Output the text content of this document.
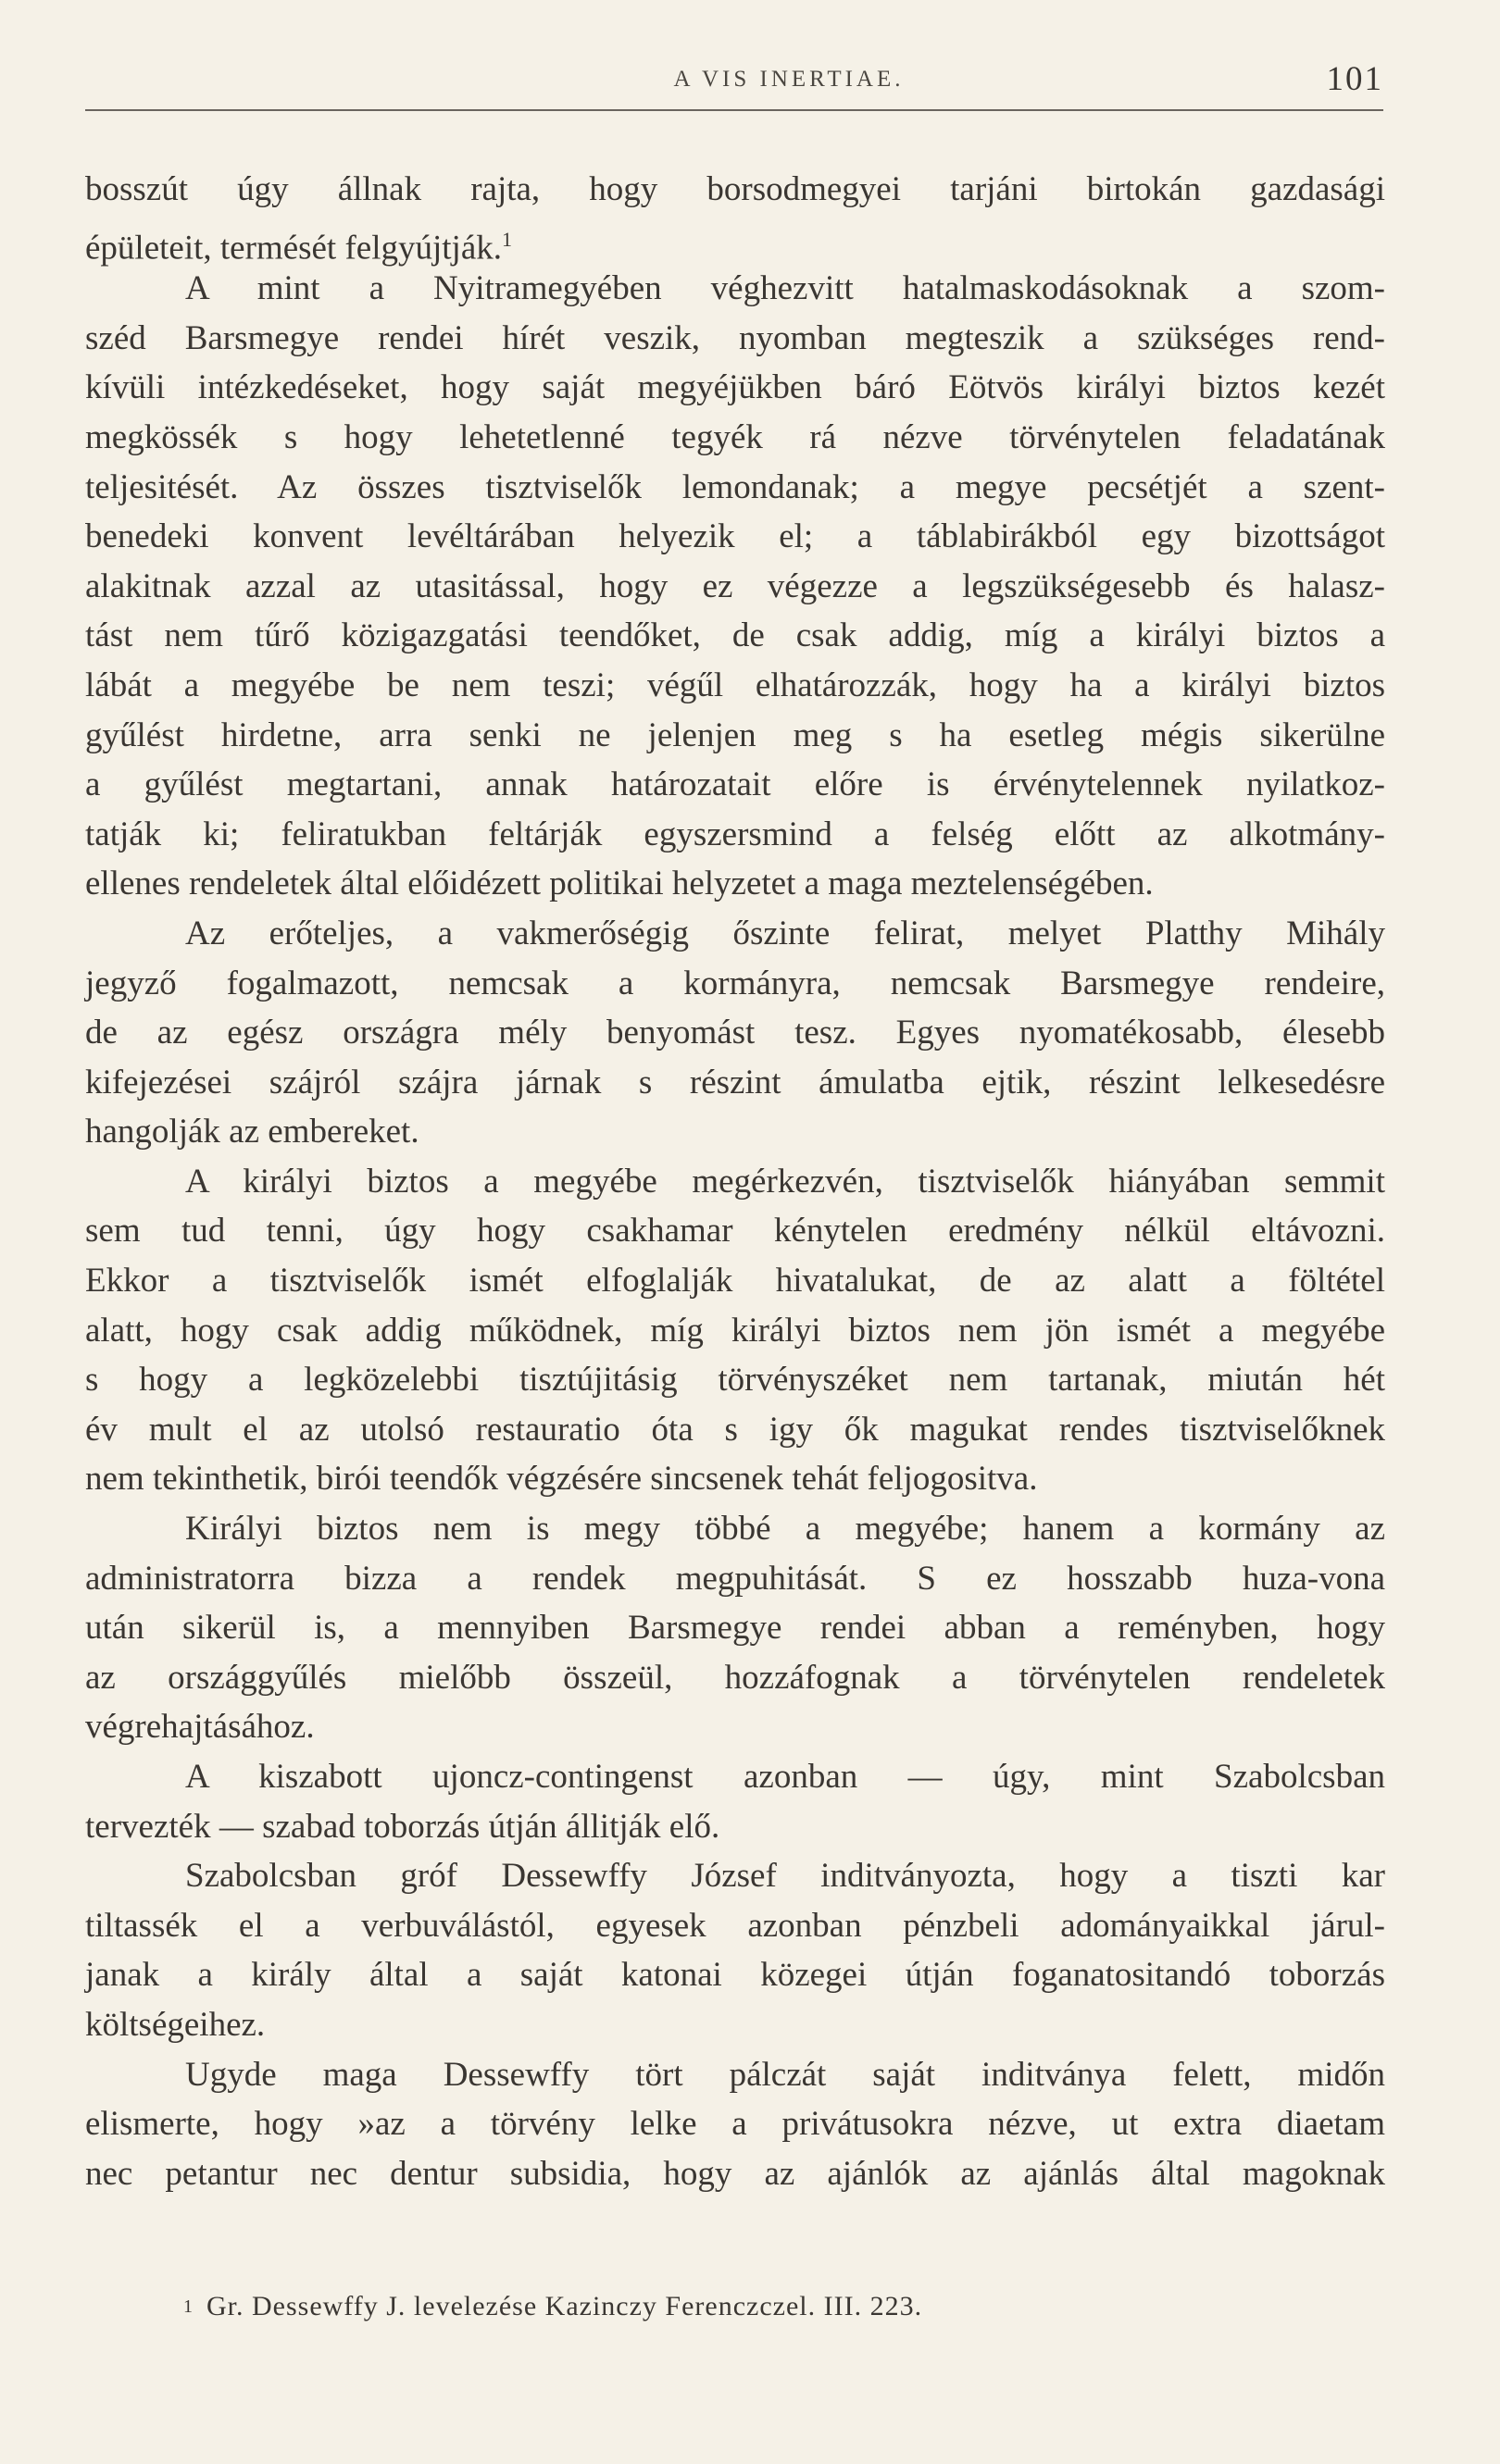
A VIS INERTIAE.	101
bosszút úgy állnak rajta, hogy borsodmegyei tarjáni birtokán gazdasági
épületeit, termését felgyújtják.$^1$
A mint a Nyitramegyében véghezvitt hatalmaskodásoknak a szom-
széd Barsmegye rendei hírét veszik, nyomban megteszik a szükséges rend-
kívüli intézkedéseket, hogy saját megyéjükben báró Eötvös királyi biztos kezét
megkössék s hogy lehetetlenné tegyék rá nézve törvénytelen feladatának
teljesitését. Az összes tisztviselők lemondanak; a megye pecsétjét a szent-
benedeki konvent levéltárában helyezik el; a táblabirákból egy bizottságot
alakitnak azzal az utasitással, hogy ez végezze a legszükségesebb és halasz-
tást nem tűrő közigazgatási teendőket, de csak addig, míg a királyi biztos a
lábát a megyébe be nem teszi; végűl elhatározzák, hogy ha a királyi biztos
gyűlést hirdetne, arra senki ne jelenjen meg s ha esetleg mégis sikerülne
a gyűlést megtartani, annak határozatait előre is érvénytelennek nyilatkoz-
tatják ki; feliratukban feltárják egyszersmind a felség előtt az alkotmány-
ellenes rendeletek által előidézett politikai helyzetet a maga meztelenségében.
Az erőteljes, a vakmerőségig őszinte felirat, melyet Platthy Mihály
jegyző fogalmazott, nemcsak a kormányra, nemcsak Barsmegye rendeire,
de az egész országra mély benyomást tesz. Egyes nyomatékosabb, élesebb
kifejezései szájról szájra járnak s részint ámulatba ejtik, részint lelkesedésre
hangolják az embereket.
A királyi biztos a megyébe megérkezvén, tisztviselők hiányában semmit
sem tud tenni, úgy hogy csakhamar kénytelen eredmény nélkül eltávozni.
Ekkor a tisztviselők ismét elfoglalják hivatalukat, de az alatt a föltétel
alatt, hogy csak addig működnek, míg királyi biztos nem jön ismét a megyébe
s hogy a legközelebbi tisztújitásig törvényszéket nem tartanak, miután hét
év mult el az utolsó restauratio óta s igy ők magukat rendes tisztviselőknek
nem tekinthetik, birói teendők végzésére sincsenek tehát feljogositva.
Királyi biztos nem is megy többé a megyébe; hanem a kormány az
administratorra bizza a rendek megpuhitását. S ez hosszabb huza-vona
után sikerül is, a mennyiben Barsmegye rendei abban a reményben, hogy
az országgyűlés mielőbb összeül, hozzáfognak a törvénytelen rendeletek
végrehajtásához.
A kiszabott ujoncz-contingenst azonban — úgy, mint Szabolcsban
tervezték — szabad toborzás útján állitják elő.
Szabolcsban gróf Dessewffy József inditványozta, hogy a tiszti kar
tiltassék el a verbuválástól, egyesek azonban pénzbeli adományaikkal járul-
janak a király által a saját katonai közegei útján foganatositandó toborzás
költségeihez.
Ugyde maga Dessewffy tört pálczát saját inditványa felett, midőn
elismerte, hogy »az a törvény lelke a privátusokra nézve, ut extra diaetam
nec petantur nec dentur subsidia, hogy az ajánlók az ajánlás által magoknak
1 Gr. Dessewffy J. levelezése Kazinczy Ferenczczel. III. 223.
